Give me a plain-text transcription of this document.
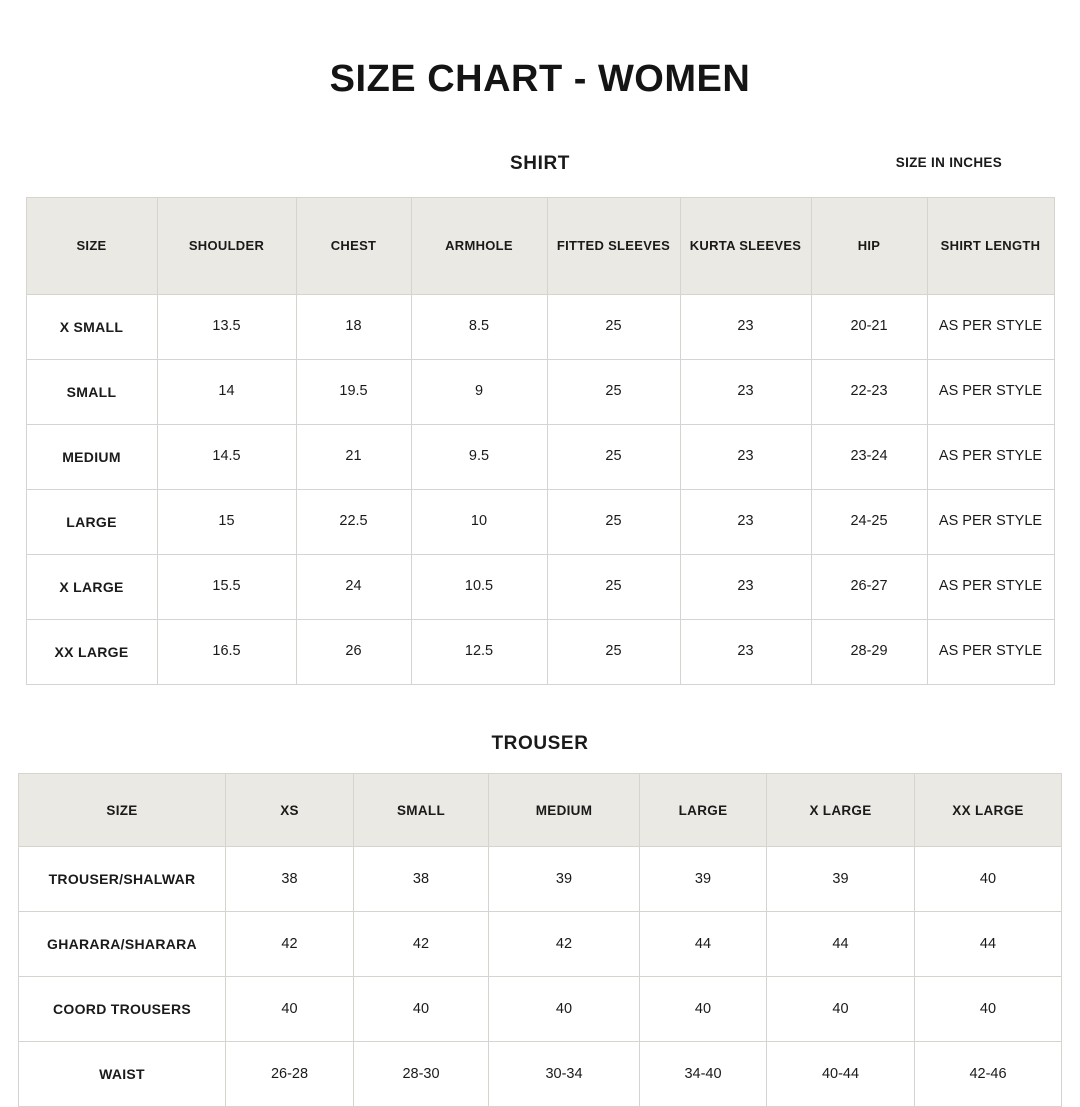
SIZE CHART - WOMEN
SHIRT	SIZE IN INCHES
SIZE	SHOULDER	CHEST	ARMHOLE	FITTED SLEEVES	KURTA SLEEVES	HIP	SHIRT LENGTH
X SMALL	13.5	18	8.5	25	23	20-21	AS PER STYLE
SMALL	14	19.5	9	25	23	22-23	AS PER STYLE
MEDIUM	14.5	21	9.5	25	23	23-24	AS PER STYLE
LARGE	15	22.5	10	25	23	24-25	AS PER STYLE
X LARGE	15.5	24	10.5	25	23	26-27	AS PER STYLE
XX LARGE	16.5	26	12.5	25	23	28-29	AS PER STYLE
TROUSER
SIZE	XS	SMALL	MEDIUM	LARGE	X LARGE	XX LARGE
TROUSER/SHALWAR	38	38	39	39	39	40
GHARARA/SHARARA	42	42	42	44	44	44
COORD TROUSERS	40	40	40	40	40	40
WAIST	26-28	28-30	30-34	34-40	40-44	42-46
